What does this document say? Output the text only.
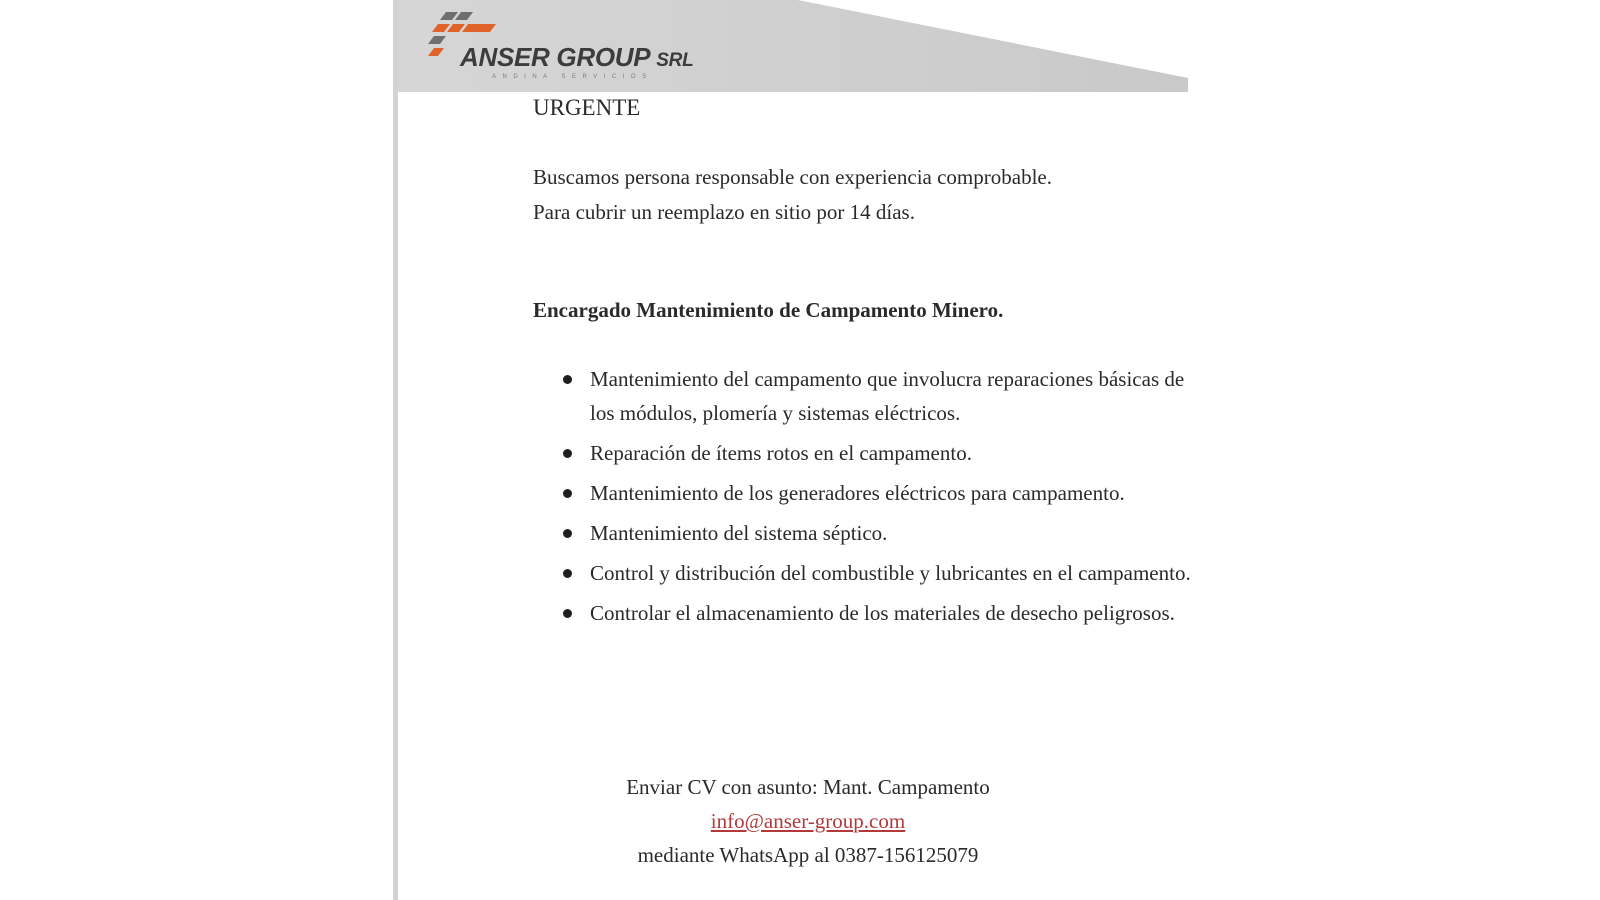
ANSER GROUP SRL
ANDINA SERVICIOS

URGENTE

Buscamos persona responsable con experiencia comprobable.
Para cubrir un reemplazo en sitio por 14 días.

Encargado Mantenimiento de Campamento Minero.

Mantenimiento del campamento que involucra reparaciones básicas de los módulos, plomería y sistemas eléctricos.
Reparación de ítems rotos en el campamento.
Mantenimiento de los generadores eléctricos para campamento.
Mantenimiento del sistema séptico.
Control y distribución del combustible y lubricantes en el campamento.
Controlar el almacenamiento de los materiales de desecho peligrosos.
Enviar CV con asunto: Mant. Campamento
info@anser-group.com
mediante WhatsApp al 0387-156125079
